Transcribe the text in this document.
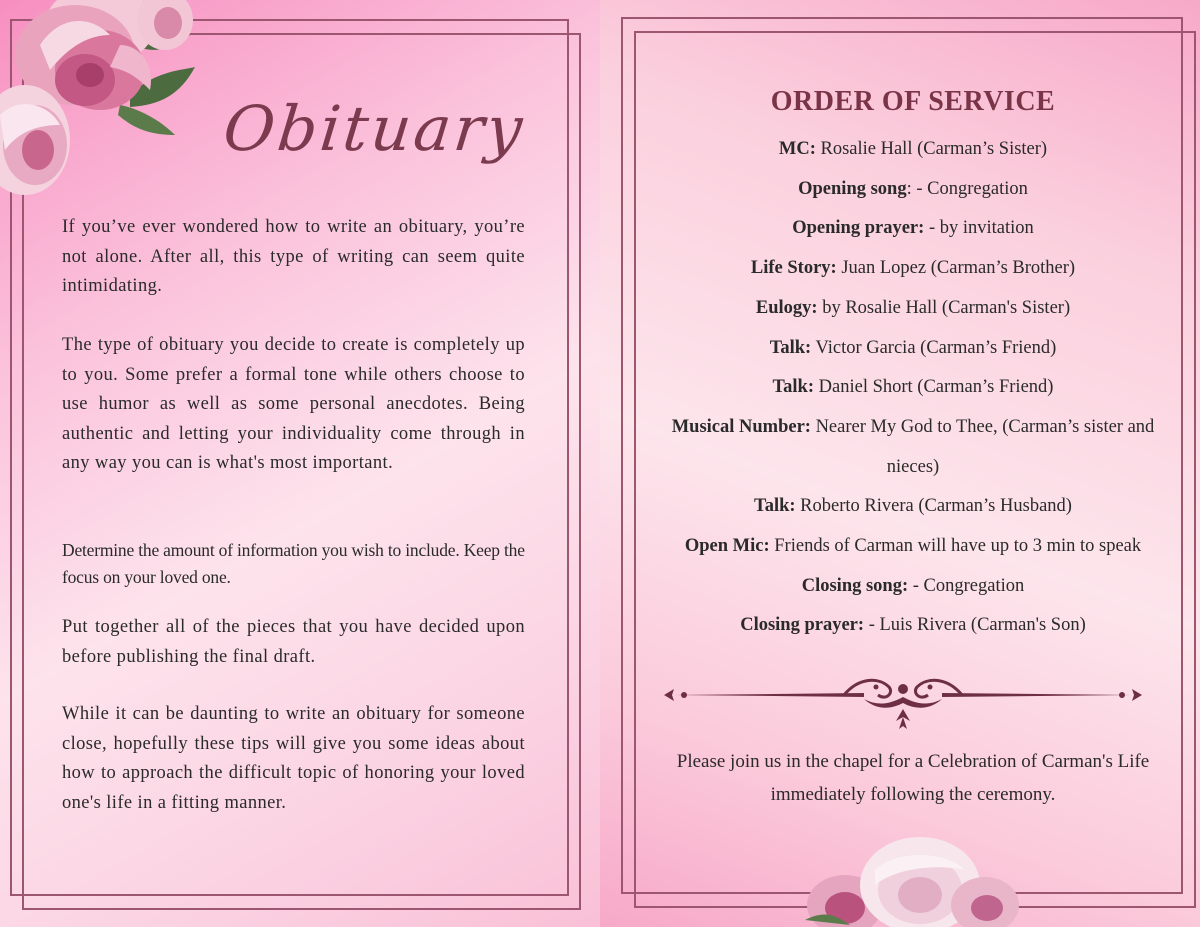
Obituary

If you’ve ever wondered how to write an obituary, you’re not alone. After all, this type of writing can seem quite intimidating.

The type of obituary you decide to create is completely up to you. Some prefer a formal tone while others choose to use humor as well as some personal anecdotes. Being authentic and letting your individuality come through in any way you can is what's most important.

Determine the amount of information you wish to include. Keep the focus on your loved one.

Put together all of the pieces that you have decided upon before publishing the final draft.

While it can be daunting to write an obituary for someone close, hopefully these tips will give you some ideas about how to approach the difficult topic of honoring your loved one's life in a fitting manner.

ORDER OF SERVICE
MC: Rosalie Hall (Carman’s Sister)
Opening song: - Congregation
Opening prayer: - by invitation
Life Story: Juan Lopez (Carman’s Brother)
Eulogy: by Rosalie Hall (Carman's Sister)
Talk: Victor Garcia (Carman’s Friend)
Talk: Daniel Short (Carman’s Friend)
Musical Number: Nearer My God to Thee, (Carman’s sister and nieces)
Talk: Roberto Rivera (Carman’s Husband)
Open Mic: Friends of Carman will have up to 3 min to speak
Closing song: - Congregation
Closing prayer: - Luis Rivera (Carman's Son)

Please join us in the chapel for a Celebration of Carman's Life immediately following the ceremony.
